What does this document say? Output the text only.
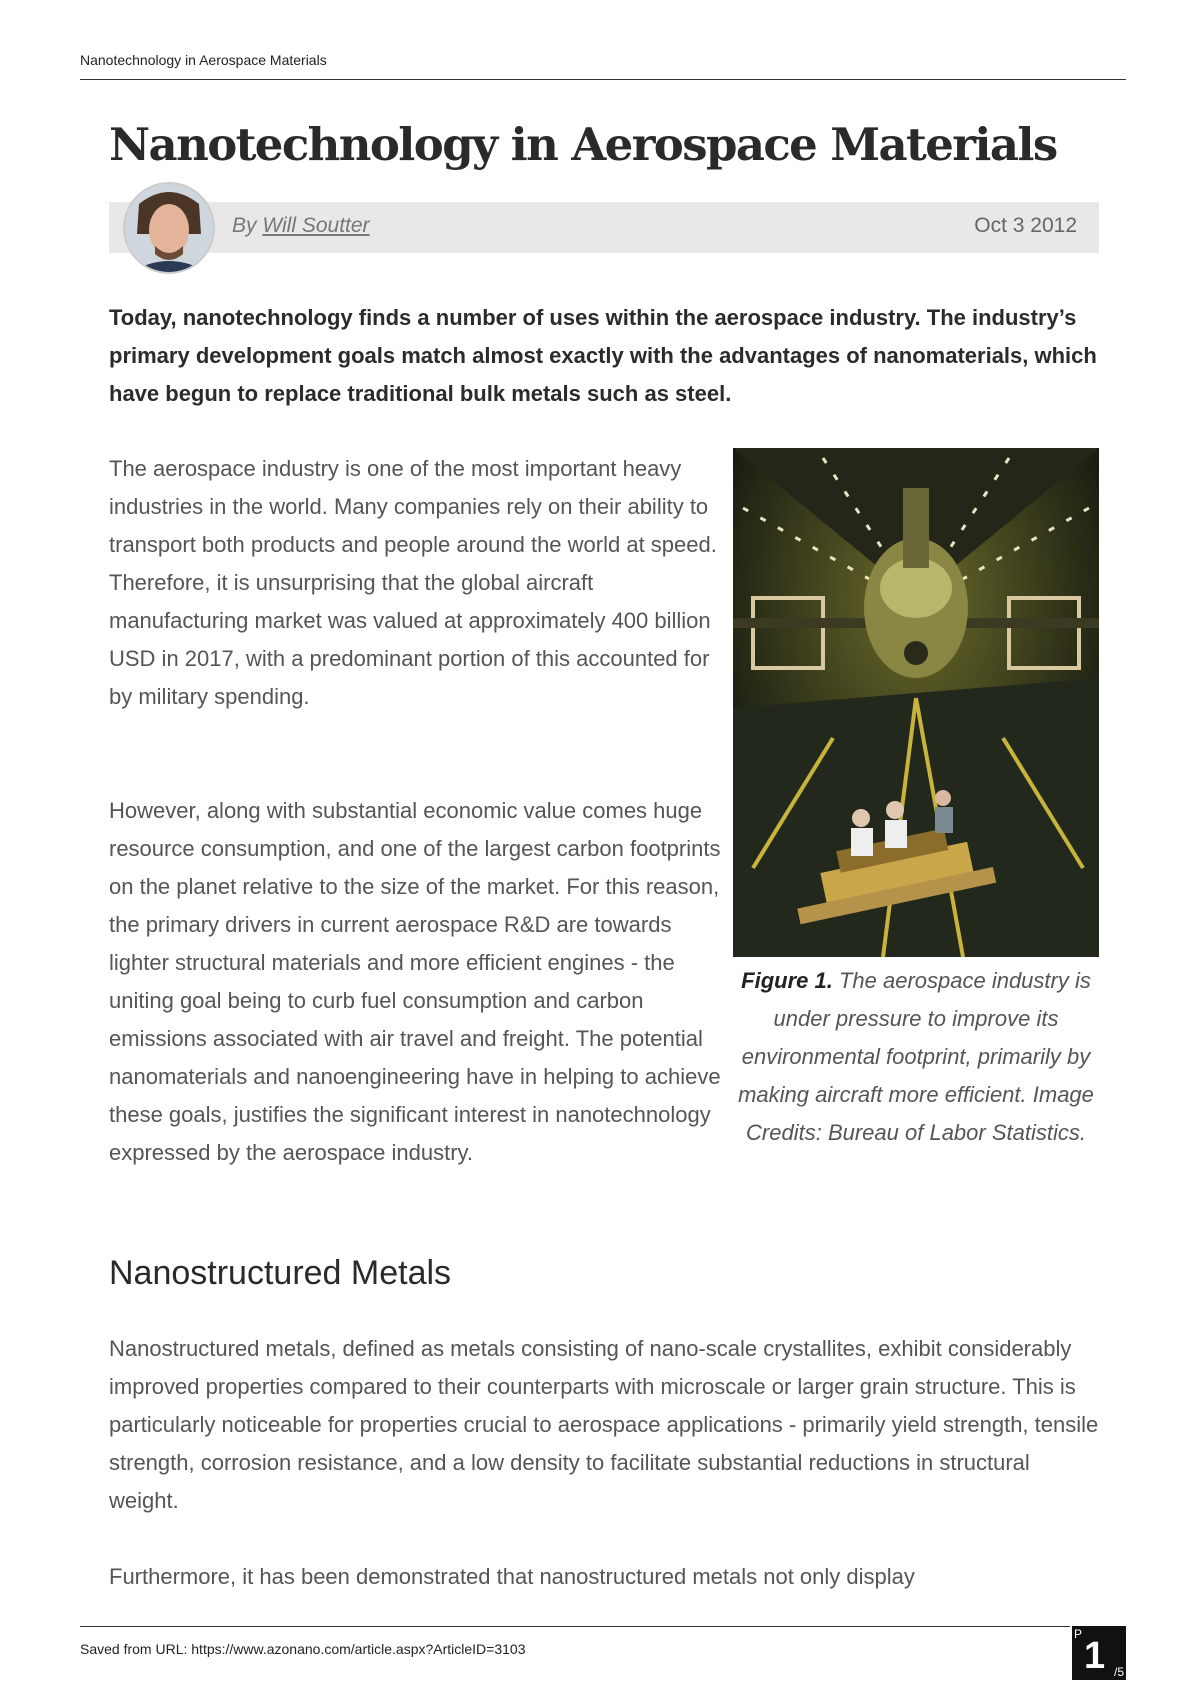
Nanotechnology in Aerospace Materials
Nanotechnology in Aerospace Materials
By Will Soutter	Oct 3 2012

Today, nanotechnology finds a number of uses within the aerospace industry. The industry’s primary development goals match almost exactly with the advantages of nanomaterials, which have begun to replace traditional bulk metals such as steel.

The aerospace industry is one of the most important heavy industries in the world. Many companies rely on their ability to transport both products and people around the world at speed. Therefore, it is unsurprising that the global aircraft manufacturing market was valued at approximately 400 billion USD in 2017, with a predominant portion of this accounted for by military spending.

However, along with substantial economic value comes huge resource consumption, and one of the largest carbon footprints on the planet relative to the size of the market. For this reason, the primary drivers in current aerospace R&D are towards lighter structural materials and more efficient engines - the uniting goal being to curb fuel consumption and carbon emissions associated with air travel and freight. The potential nanomaterials and nanoengineering have in helping to achieve these goals, justifies the significant interest in nanotechnology expressed by the aerospace industry.

Figure 1. The aerospace industry is under pressure to improve its environmental footprint, primarily by making aircraft more efficient. Image Credits: Bureau of Labor Statistics.

Nanostructured Metals

Nanostructured metals, defined as metals consisting of nano-scale crystallites, exhibit considerably improved properties compared to their counterparts with microscale or larger grain structure. This is particularly noticeable for properties crucial to aerospace applications - primarily yield strength, tensile strength, corrosion resistance, and a low density to facilitate substantial reductions in structural weight.

Furthermore, it has been demonstrated that nanostructured metals not only display

Saved from URL: https://www.azonano.com/article.aspx?ArticleID=3103
P
1 /5
